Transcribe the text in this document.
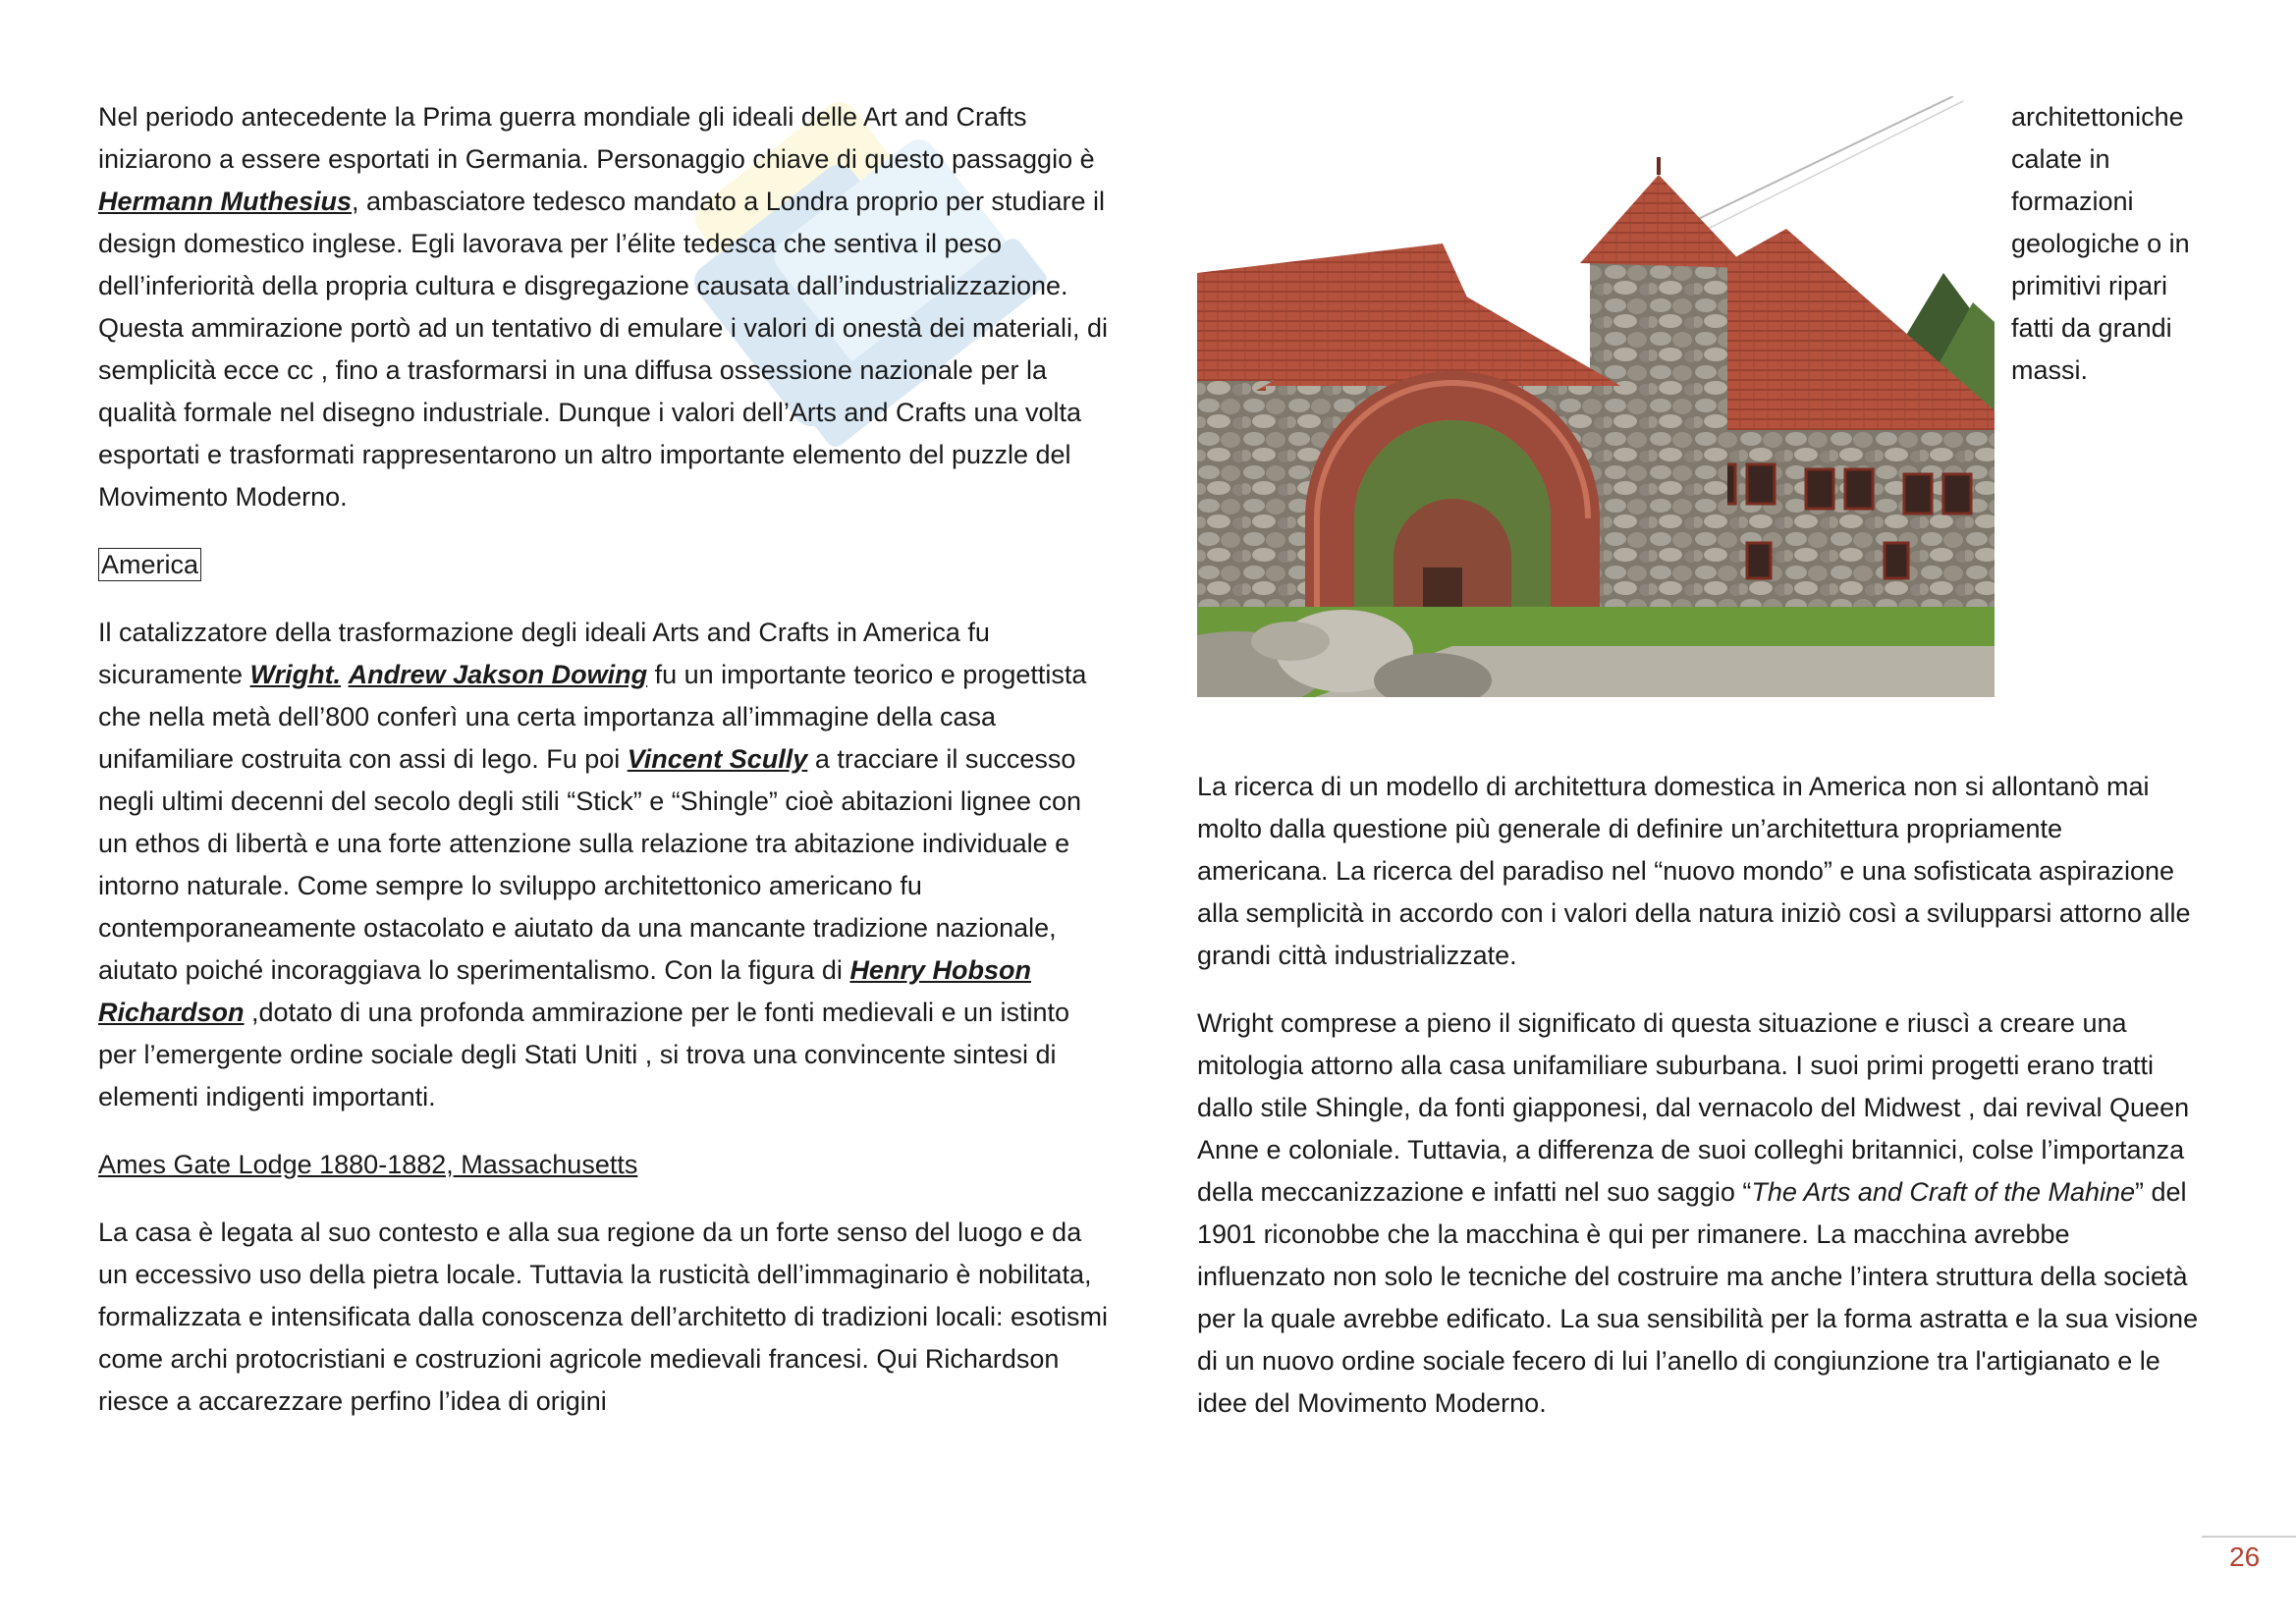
Nel periodo antecedente la Prima guerra mondiale gli ideali delle Art and Crafts iniziarono a essere esportati in Germania. Personaggio chiave di questo passaggio è Hermann Muthesius, ambasciatore tedesco mandato a Londra proprio per studiare il design domestico inglese. Egli lavorava per l’élite tedesca che sentiva il peso dell’inferiorità della propria cultura e disgregazione causata dall’industrializzazione. Questa ammirazione portò ad un tentativo di emulare i valori di onestà dei materiali, di semplicità ecce cc , fino a trasformarsi in una diffusa ossessione nazionale per la qualità formale nel disegno industriale. Dunque i valori dell’Arts and Crafts una volta esportati e trasformati rappresentarono un altro importante elemento del puzzle del Movimento Moderno.

America

Il catalizzatore della trasformazione degli ideali Arts and Crafts in America fu sicuramente Wright. Andrew Jakson Dowing fu un importante teorico e progettista che nella metà dell’800 conferì una certa importanza all’immagine della casa unifamiliare costruita con assi di lego. Fu poi Vincent Scully a tracciare il successo negli ultimi decenni del secolo degli stili “Stick” e “Shingle” cioè abitazioni lignee con un ethos di libertà e una forte attenzione sulla relazione tra abitazione individuale e intorno naturale. Come sempre lo sviluppo architettonico americano fu contemporaneamente ostacolato e aiutato da una mancante tradizione nazionale, aiutato poiché incoraggiava lo sperimentalismo. Con la figura di Henry Hobson Richardson ,dotato di una profonda ammirazione per le fonti medievali e un istinto per l’emergente ordine sociale degli Stati Uniti , si trova una convincente sintesi di elementi indigenti importanti.

Ames Gate Lodge 1880-1882, Massachusetts

La casa è legata al suo contesto e alla sua regione da un forte senso del luogo e da un eccessivo uso della pietra locale. Tuttavia la rusticità dell’immaginario è nobilitata, formalizzata e intensificata dalla conoscenza dell’architetto di tradizioni locali: esotismi come archi protocristiani e costruzioni agricole medievali francesi. Qui Richardson riesce a accarezzare perfino l’idea di origini

architettoniche
calate in
formazioni
geologiche o in
primitivi ripari
fatti da grandi
massi.

La ricerca di un modello di architettura domestica in America non si allontanò mai molto dalla questione più generale di definire un’architettura propriamente americana. La ricerca del paradiso nel “nuovo mondo” e una sofisticata aspirazione alla semplicità in accordo con i valori della natura iniziò così a svilupparsi attorno alle grandi città industrializzate.

Wright comprese a pieno il significato di questa situazione e riuscì a creare una mitologia attorno alla casa unifamiliare suburbana. I suoi primi progetti erano tratti dallo stile Shingle, da fonti giapponesi, dal vernacolo del Midwest , dai revival Queen Anne e coloniale. Tuttavia, a differenza de suoi colleghi britannici, colse l’importanza della meccanizzazione e infatti nel suo saggio “The Arts and Craft of the Mahine” del 1901 riconobbe che la macchina è qui per rimanere. La macchina avrebbe influenzato non solo le tecniche del costruire ma anche l’intera struttura della società per la quale avrebbe edificato. La sua sensibilità per la forma astratta e la sua visione di un nuovo ordine sociale fecero di lui l’anello di congiunzione tra l'artigianato e le idee del Movimento Moderno.

26
